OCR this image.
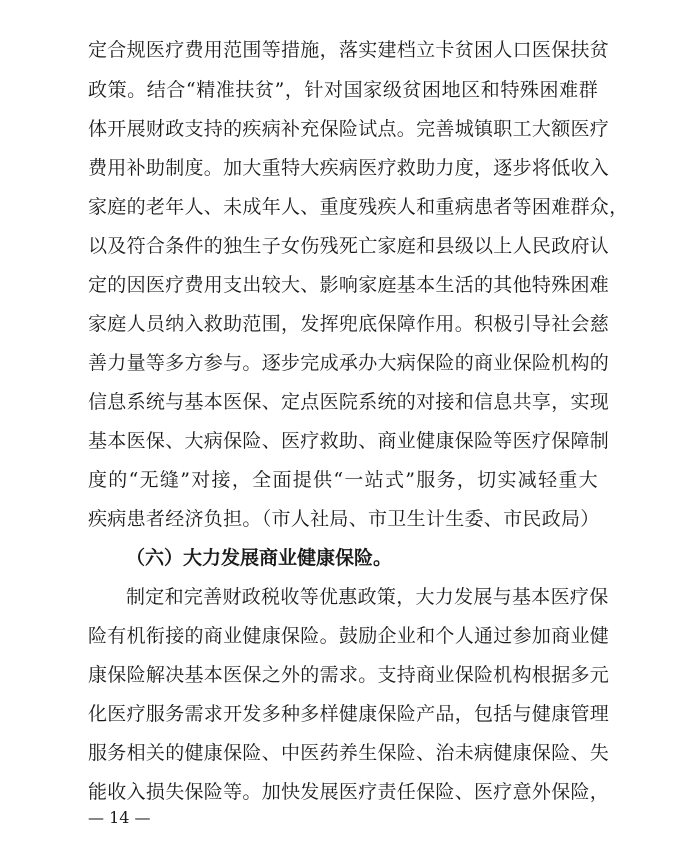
定合规医疗费用范围等措施，落实建档立卡贫困人口医保扶贫
政策。结合“精准扶贫”，针对国家级贫困地区和特殊困难群
体开展财政支持的疾病补充保险试点。完善城镇职工大额医疗
费用补助制度。加大重特大疾病医疗救助力度，逐步将低收入
家庭的老年人、未成年人、重度残疾人和重病患者等困难群众，
以及符合条件的独生子女伤残死亡家庭和县级以上人民政府认
定的因医疗费用支出较大、影响家庭基本生活的其他特殊困难
家庭人员纳入救助范围，发挥兜底保障作用。积极引导社会慈
善力量等多方参与。逐步完成承办大病保险的商业保险机构的
信息系统与基本医保、定点医院系统的对接和信息共享，实现
基本医保、大病保险、医疗救助、商业健康保险等医疗保障制
度的“无缝”对接，全面提供“一站式”服务，切实减轻重大
疾病患者经济负担。（市人社局、市卫生计生委、市民政局）
（六）大力发展商业健康保险。
制定和完善财政税收等优惠政策，大力发展与基本医疗保
险有机衔接的商业健康保险。鼓励企业和个人通过参加商业健
康保险解决基本医保之外的需求。支持商业保险机构根据多元
化医疗服务需求开发多种多样健康保险产品，包括与健康管理
服务相关的健康保险、中医药养生保险、治未病健康保险、失
能收入损失保险等。加快发展医疗责任保险、医疗意外保险，
— 14 —
